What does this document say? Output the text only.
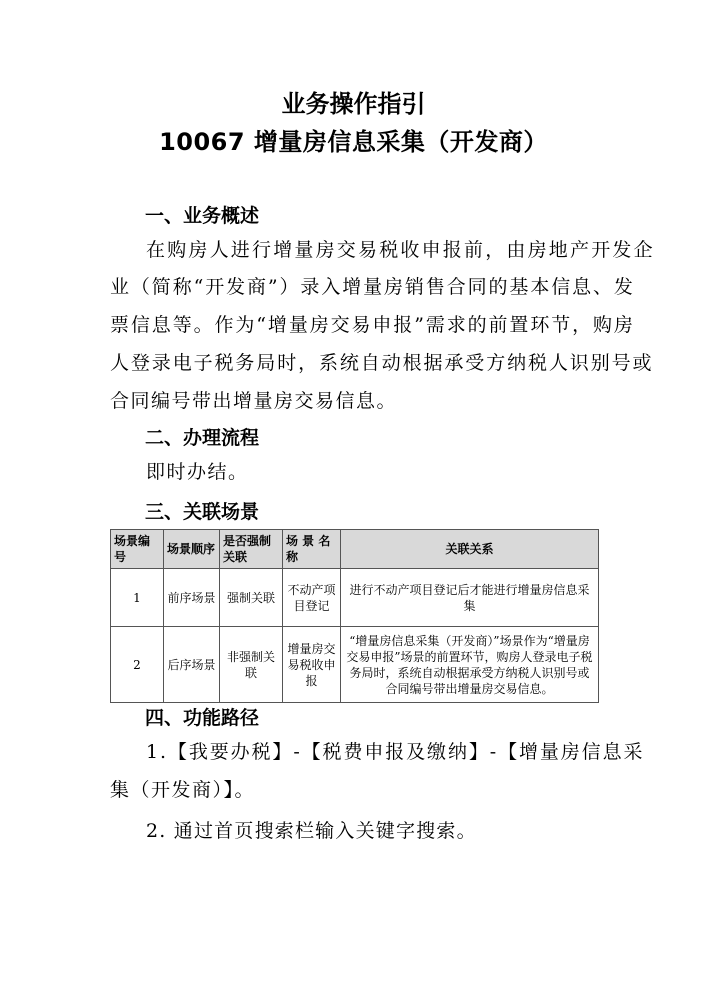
业务操作指引
10067 增量房信息采集（开发商）
一、业务概述
在购房人进行增量房交易税收申报前，由房地产开发企
业（简称“开发商”）录入增量房销售合同的基本信息、发
票信息等。作为“增量房交易申报”需求的前置环节，购房
人登录电子税务局时，系统自动根据承受方纳税人识别号或
合同编号带出增量房交易信息。
二、办理流程
即时办结。
三、关联场景
场景编号	场景顺序	是否强制关联	场 景 名 称	关联关系
1	前序场景	强制关联	不动产项目登记	进行不动产项目登记后才能进行增量房信息采集
2	后序场景	非强制关联	增量房交易税收申报	“增量房信息采集（开发商）”场景作为“增量房交易申报”场景的前置环节，购房人登录电子税务局时，系统自动根据承受方纳税人识别号或合同编号带出增量房交易信息。
四、功能路径
1.【我要办税】-【税费申报及缴纳】-【增量房信息采
集（开发商）】。
2. 通过首页搜索栏输入关键字搜索。
